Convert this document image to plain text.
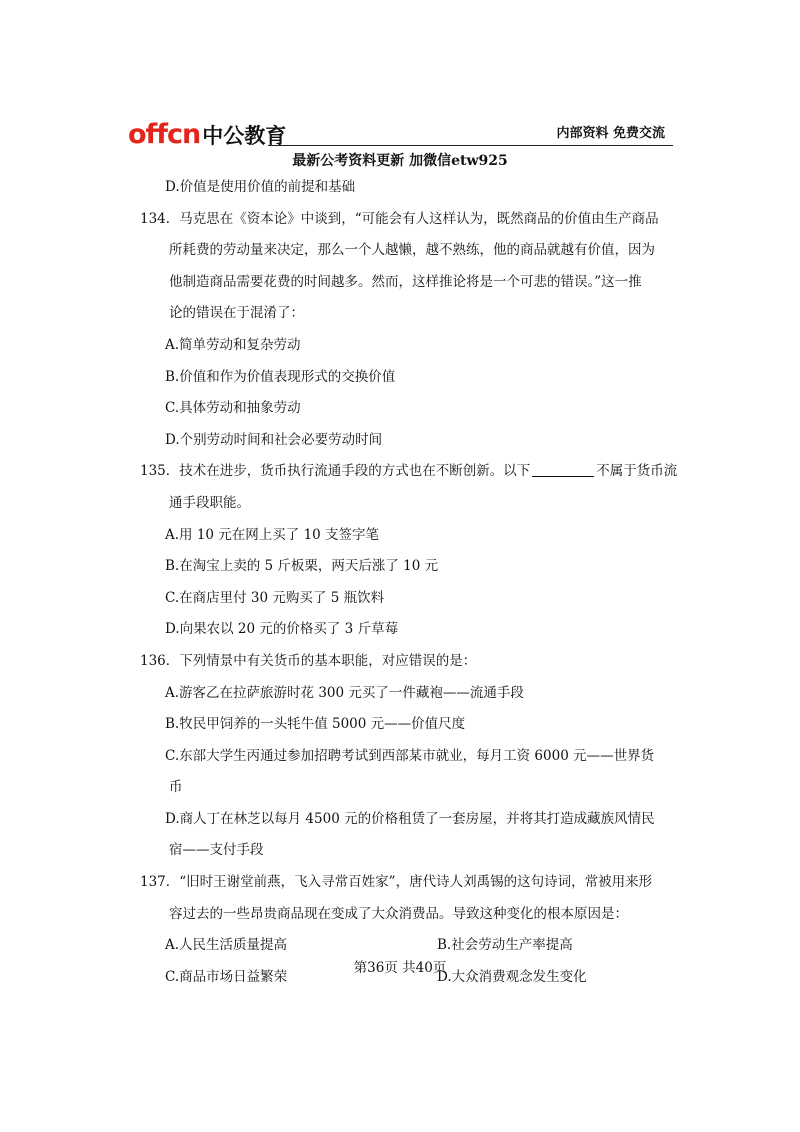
offcn 中公教育	内部资料 免费交流
最新公考资料更新 加微信etw925
D.价值是使用价值的前提和基础
134．马克思在《资本论》中谈到，“可能会有人这样认为，既然商品的价值由生产商品
所耗费的劳动量来决定，那么一个人越懒，越不熟练，他的商品就越有价值，因为
他制造商品需要花费的时间越多。然而，这样推论将是一个可悲的错误。”这一推
论的错误在于混淆了：
A.简单劳动和复杂劳动
B.价值和作为价值表现形式的交换价值
C.具体劳动和抽象劳动
D.个别劳动时间和社会必要劳动时间
135．技术在进步，货币执行流通手段的方式也在不断创新。以下	不属于货币流
通手段职能。
A.用 10 元在网上买了 10 支签字笔
B.在淘宝上卖的 5 斤板栗，两天后涨了 10 元
C.在商店里付 30 元购买了 5 瓶饮料
D.向果农以 20 元的价格买了 3 斤草莓
136．下列情景中有关货币的基本职能，对应错误的是：
A.游客乙在拉萨旅游时花 300 元买了一件藏袍——流通手段
B.牧民甲饲养的一头牦牛值 5000 元——价值尺度
C.东部大学生丙通过参加招聘考试到西部某市就业，每月工资 6000 元——世界货
币
D.商人丁在林芝以每月 4500 元的价格租赁了一套房屋，并将其打造成藏族风情民
宿——支付手段
137．“旧时王谢堂前燕，飞入寻常百姓家”，唐代诗人刘禹锡的这句诗词，常被用来形
容过去的一些昂贵商品现在变成了大众消费品。导致这种变化的根本原因是：
A.人民生活质量提高	B.社会劳动生产率提高
C.商品市场日益繁荣	D.大众消费观念发生变化
第36页 共40页
